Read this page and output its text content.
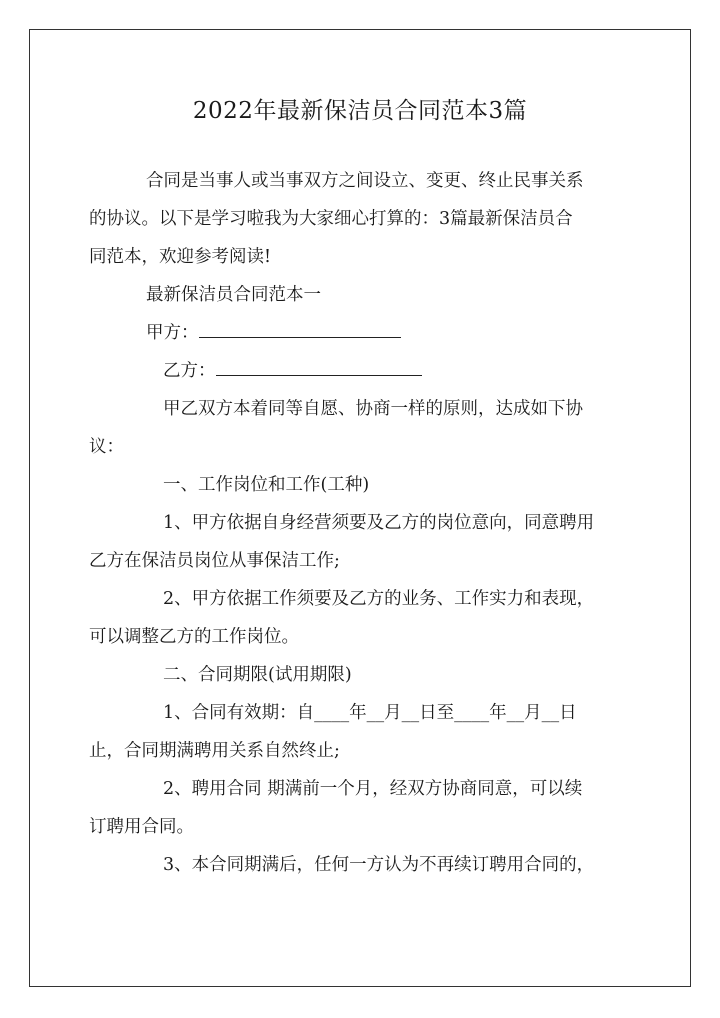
2022年最新保洁员合同范本3篇
合同是当事人或当事双方之间设立、变更、终止民事关系
的协议。以下是学习啦我为大家细心打算的：3篇最新保洁员合
同范本，欢迎参考阅读!
最新保洁员合同范本一
甲方：
乙方：
甲乙双方本着同等自愿、协商一样的原则，达成如下协
议：
一、工作岗位和工作(工种)
1、甲方依据自身经营须要及乙方的岗位意向，同意聘用
乙方在保洁员岗位从事保洁工作;
2、甲方依据工作须要及乙方的业务、工作实力和表现，
可以调整乙方的工作岗位。
二、合同期限(试用期限)
1、合同有效期：自____年__月__日至____年__月__日
止，合同期满聘用关系自然终止;
2、聘用合同 期满前一个月，经双方协商同意，可以续
订聘用合同。
3、本合同期满后，任何一方认为不再续订聘用合同的，
